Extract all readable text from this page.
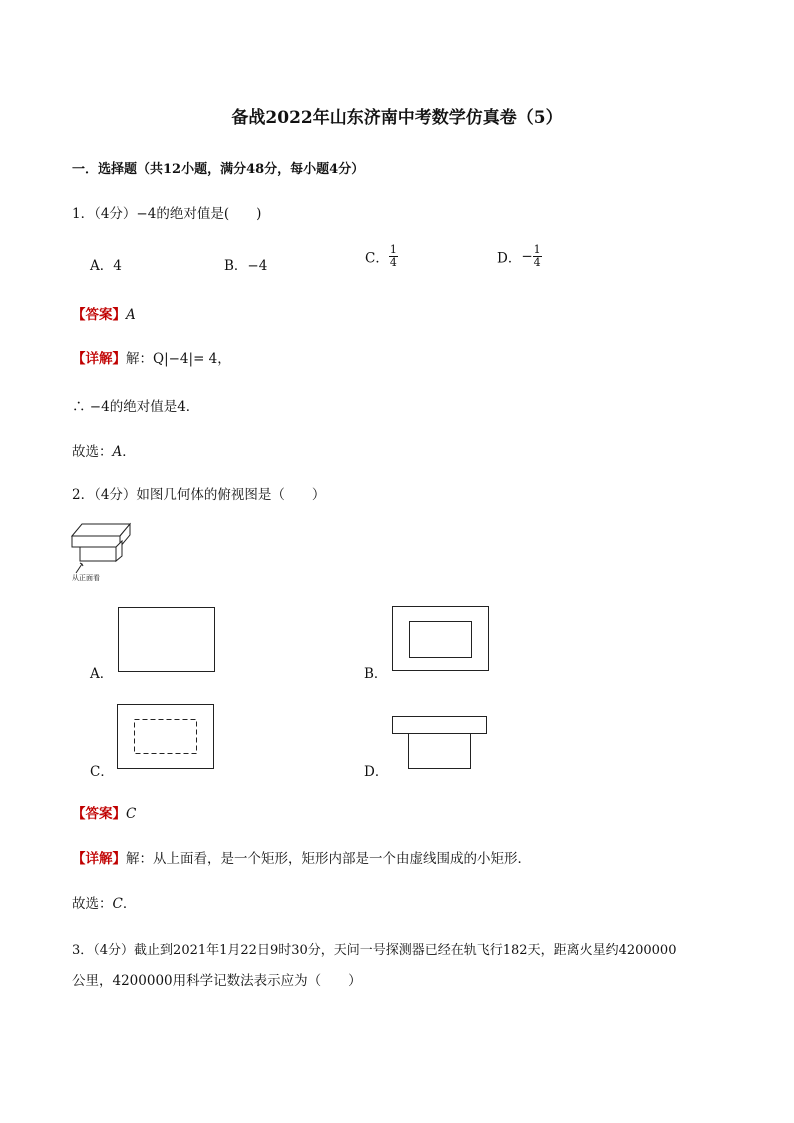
备战2022年山东济南中考数学仿真卷（5）
一．选择题（共12小题，满分48分，每小题4分）
1．（4分）−4的绝对值是(　　)
A．4	B．−4	C． $\frac{1}{4}$	D．− $\frac{1}{4}$
【答案】A
【详解】解：Q|−4|= 4，
∴ −4的绝对值是4．
故选：A．
2．（4分）如图几何体的俯视图是（　　）
从正面看
A．	B．
C．	D．
【答案】C
【详解】解：从上面看，是一个矩形，矩形内部是一个由虚线围成的小矩形．
故选：C．
3．（4分）截止到2021年1月22日9时30分，天问一号探测器已经在轨飞行182天，距离火星约4200000
公里，4200000用科学记数法表示应为（　　）
